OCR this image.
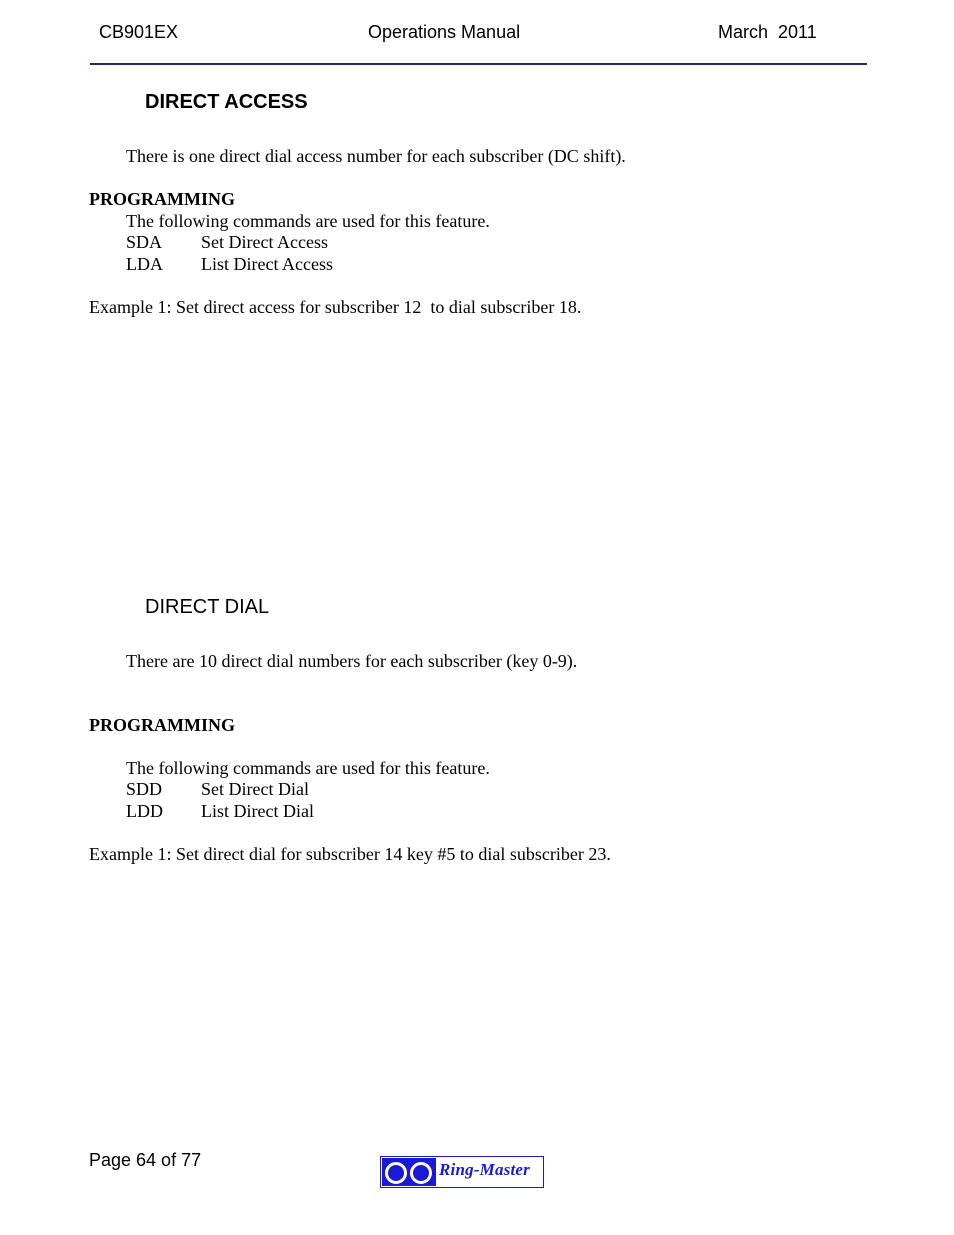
CB901EX	Operations Manual	March  2011
DIRECT ACCESS
There is one direct dial access number for each subscriber (DC shift).
PROGRAMMING
The following commands are used for this feature.
SDA Set Direct Access
LDA List Direct Access
Example 1: Set direct access for subscriber 12  to dial subscriber 18.
DIRECT DIAL
There are 10 direct dial numbers for each subscriber (key 0-9).
PROGRAMMING
The following commands are used for this feature.
SDD Set Direct Dial
LDD List Direct Dial
Example 1: Set direct dial for subscriber 14 key #5 to dial subscriber 23.
Page 64 of 77	Ring-Master
